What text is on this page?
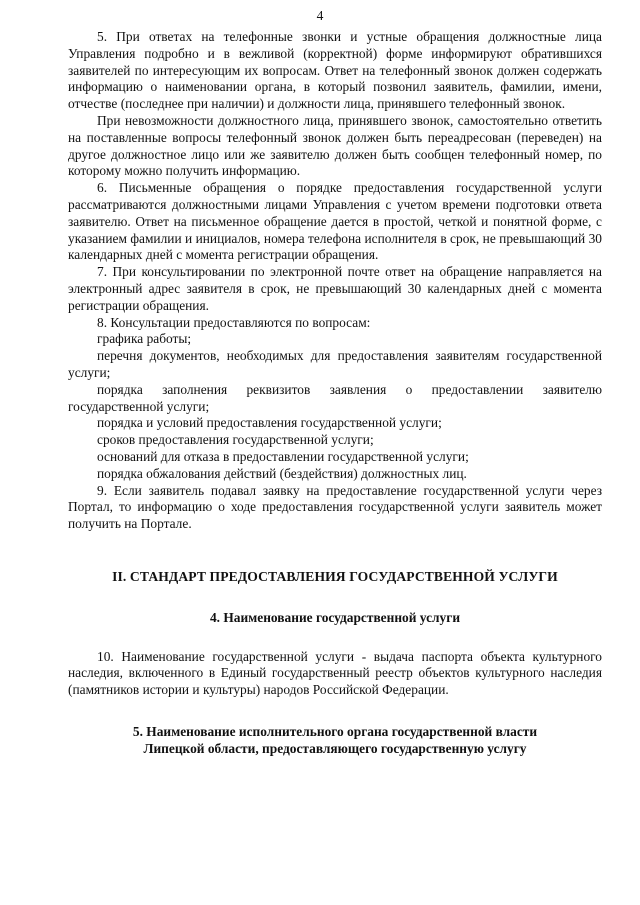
4

5. При ответах на телефонные звонки и устные обращения должностные лица Управления подробно и в вежливой (корректной) форме информируют обратившихся заявителей по интересующим их вопросам. Ответ на телефонный звонок должен содержать информацию о наименовании органа, в который позвонил заявитель, фамилии, имени, отчестве (последнее при наличии) и должности лица, принявшего телефонный звонок.

При невозможности должностного лица, принявшего звонок, самостоятельно ответить на поставленные вопросы телефонный звонок должен быть переадресован (переведен) на другое должностное лицо или же заявителю должен быть сообщен телефонный номер, по которому можно получить информацию.

6. Письменные обращения о порядке предоставления государственной услуги рассматриваются должностными лицами Управления с учетом времени подготовки ответа заявителю. Ответ на письменное обращение дается в простой, четкой и понятной форме, с указанием фамилии и инициалов, номера телефона исполнителя в срок, не превышающий 30 календарных дней с момента регистрации обращения.

7. При консультировании по электронной почте ответ на обращение направляется на электронный адрес заявителя в срок, не превышающий 30 календарных дней с момента регистрации обращения.

8. Консультации предоставляются по вопросам:

графика работы;

перечня документов, необходимых для предоставления заявителям государственной услуги;

порядка заполнения реквизитов заявления о предоставлении заявителю государственной услуги;

порядка и условий предоставления государственной услуги;

сроков предоставления государственной услуги;

оснований для отказа в предоставлении государственной услуги;

порядка обжалования действий (бездействия) должностных лиц.

9. Если заявитель подавал заявку на предоставление государственной услуги через Портал, то информацию о ходе предоставления государственной услуги заявитель может получить на Портале.

II. СТАНДАРТ ПРЕДОСТАВЛЕНИЯ ГОСУДАРСТВЕННОЙ УСЛУГИ
4. Наименование государственной услуги

10. Наименование государственной услуги - выдача паспорта объекта культурного наследия, включенного в Единый государственный реестр объектов культурного наследия (памятников истории и культуры) народов Российской Федерации.

5. Наименование исполнительного органа государственной власти
Липецкой области, предоставляющего государственную услугу
